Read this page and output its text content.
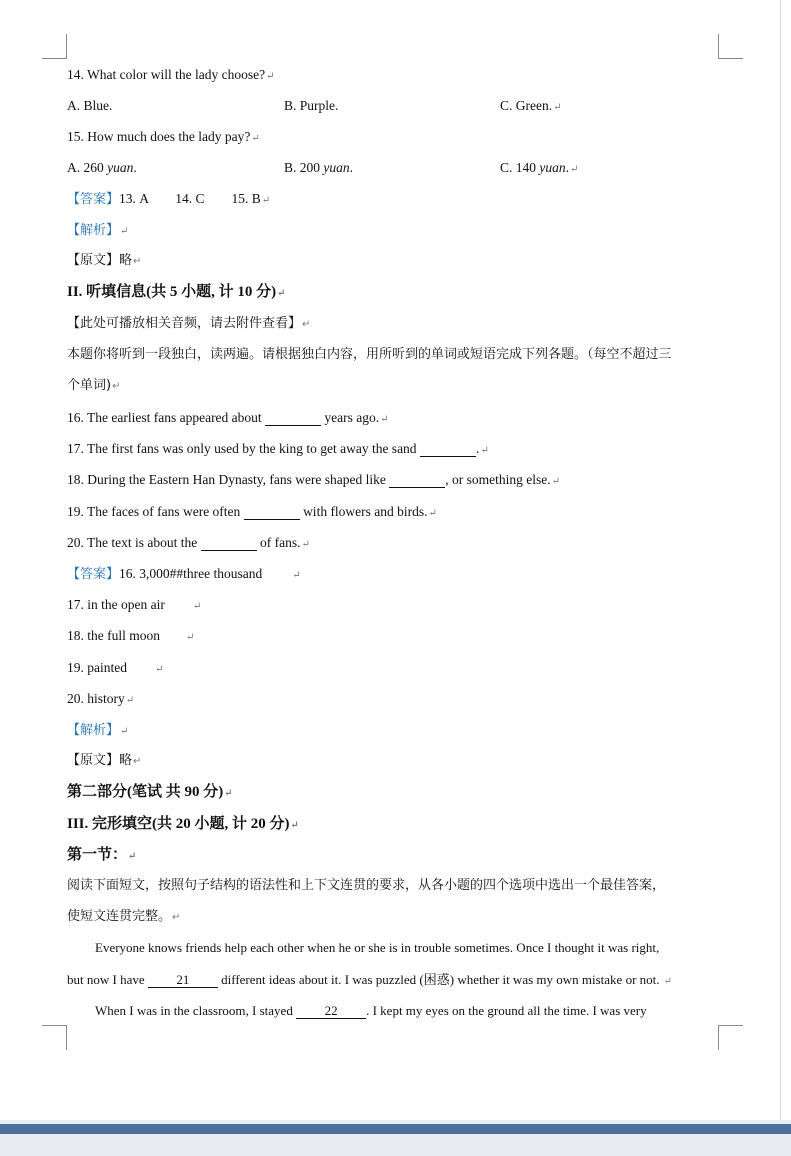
14. What color will the lady choose?↵
A. Blue.	B. Purple.	C. Green.↵
15. How much does the lady pay?↵
A. 260 yuan.	B. 200 yuan.	C. 140 yuan.↵
【答案】13. A        14. C        15. B↵
【解析】↵
【原文】略↵
II. 听填信息(共 5 小题, 计 10 分)↵
【此处可播放相关音频，请去附件查看】↵
本题你将听到一段独白，读两遍。请根据独白内容，用所听到的单词或短语完成下列各题。（每空不超过三
个单词)↵
16. The earliest fans appeared about	years ago.↵
17. The first fans was only used by the king to get away the sand	.↵
18. During the Eastern Han Dynasty, fans were shaped like	, or something else.↵
19. The faces of fans were often	with flowers and birds.↵
20. The text is about the	of fans.↵
【答案】16. 3,000##three thousand	↵
17. in the open air	↵
18. the full moon	↵
19. painted	↵
20. history↵
【解析】↵
【原文】略↵
第二部分(笔试 共 90 分)↵
III. 完形填空(共 20 小题, 计 20 分)↵
第一节：↵
阅读下面短文，按照句子结构的语法性和上下文连贯的要求，从各小题的四个选项中选出一个最佳答案，
使短文连贯完整。↵
Everyone knows friends help each other when he or she is in trouble sometimes. Once I thought it was right,
but now I have 21 different ideas about it. I was puzzled (困惑) whether it was my own mistake or not. ↵
When I was in the classroom, I stayed 22 . I kept my eyes on the ground all the time. I was very
